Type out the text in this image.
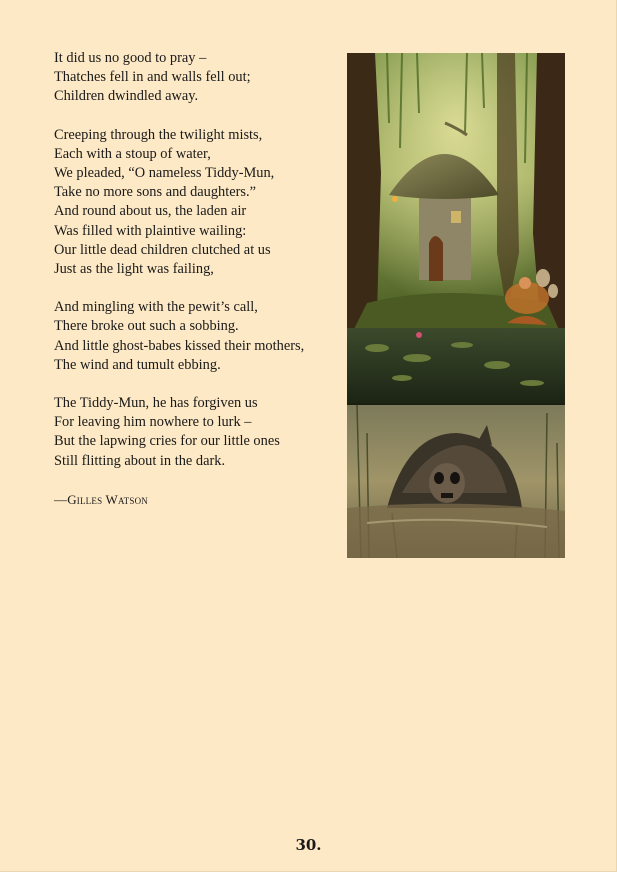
It did us no good to pray –
Thatches fell in and walls fell out;
Children dwindled away.
Creeping through the twilight mists,
Each with a stoup of water,
We pleaded, “O nameless Tiddy-Mun,
Take no more sons and daughters.”
And round about us, the laden air
Was filled with plaintive wailing:
Our little dead children clutched at us
Just as the light was failing,
And mingling with the pewit’s call,
There broke out such a sobbing.
And little ghost-babes kissed their mothers,
The wind and tumult ebbing.
The Tiddy-Mun, he has forgiven us
For leaving him nowhere to lurk –
But the lapwing cries for our little ones
Still flitting about in the dark.
—Gilles Watson
30.
